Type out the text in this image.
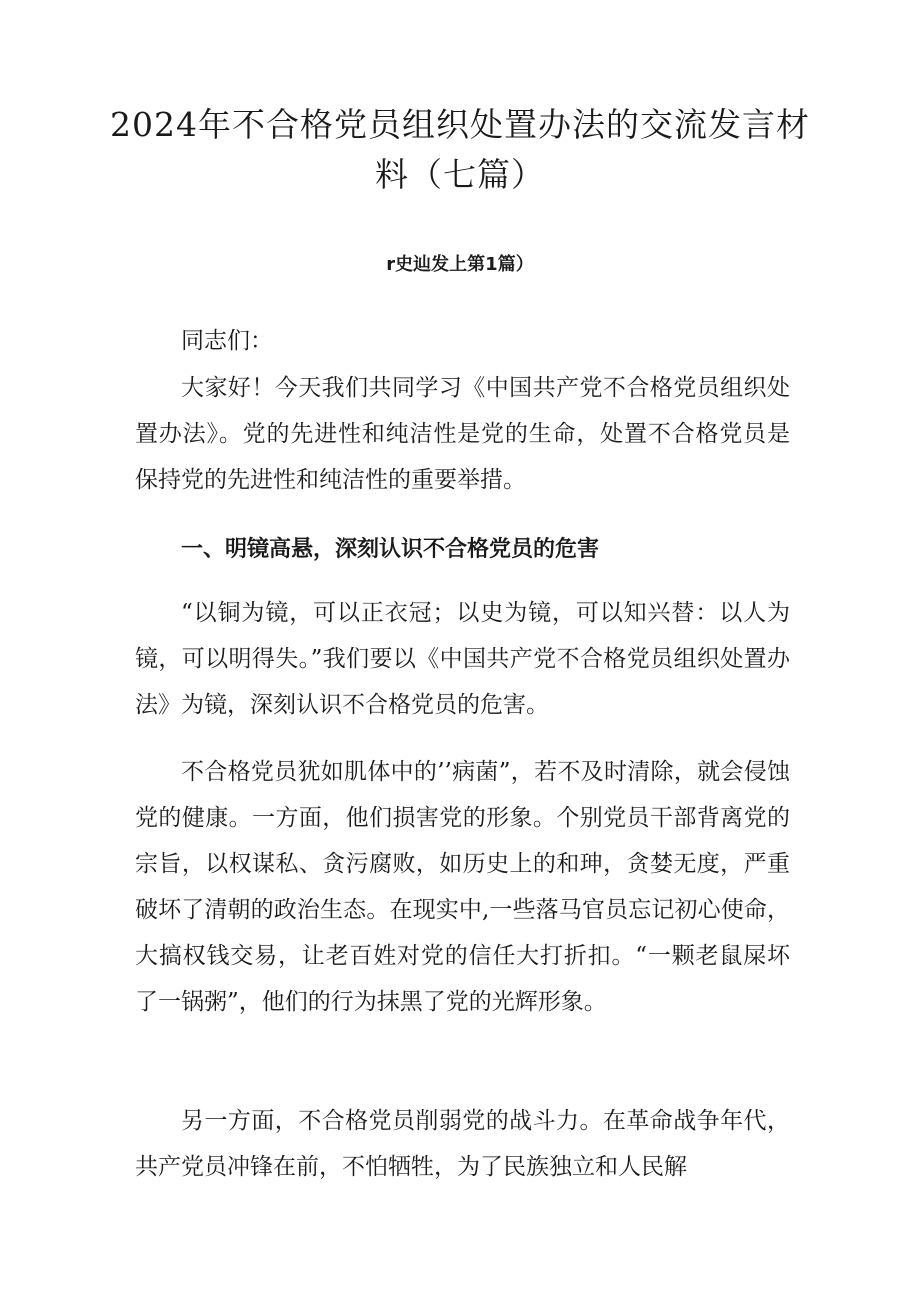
2024年不合格党员组织处置办法的交流发言材料（七篇）
r史辿发上第1篇）

同志们：

大家好！今天我们共同学习《中国共产党不合格党员组织处置办法》。党的先进性和纯洁性是党的生命，处置不合格党员是保持党的先进性和纯洁性的重要举措。

一、明镜高悬，深刻认识不合格党员的危害

“以铜为镜，可以正衣冠；以史为镜，可以知兴替：以人为镜，可以明得失。”我们要以《中国共产党不合格党员组织处置办法》为镜，深刻认识不合格党员的危害。

不合格党员犹如肌体中的’’病菌”，若不及时清除，就会侵蚀党的健康。一方面，他们损害党的形象。个别党员干部背离党的宗旨，以权谋私、贪污腐败，如历史上的和珅，贪婪无度，严重破坏了清朝的政治生态。在现实中,一些落马官员忘记初心使命，大搞权钱交易，让老百姓对党的信任大打折扣。“一颗老鼠屎坏了一锅粥”，他们的行为抹黑了党的光辉形象。

另一方面，不合格党员削弱党的战斗力。在革命战争年代，共产党员冲锋在前，不怕牺牲，为了民族独立和人民解
